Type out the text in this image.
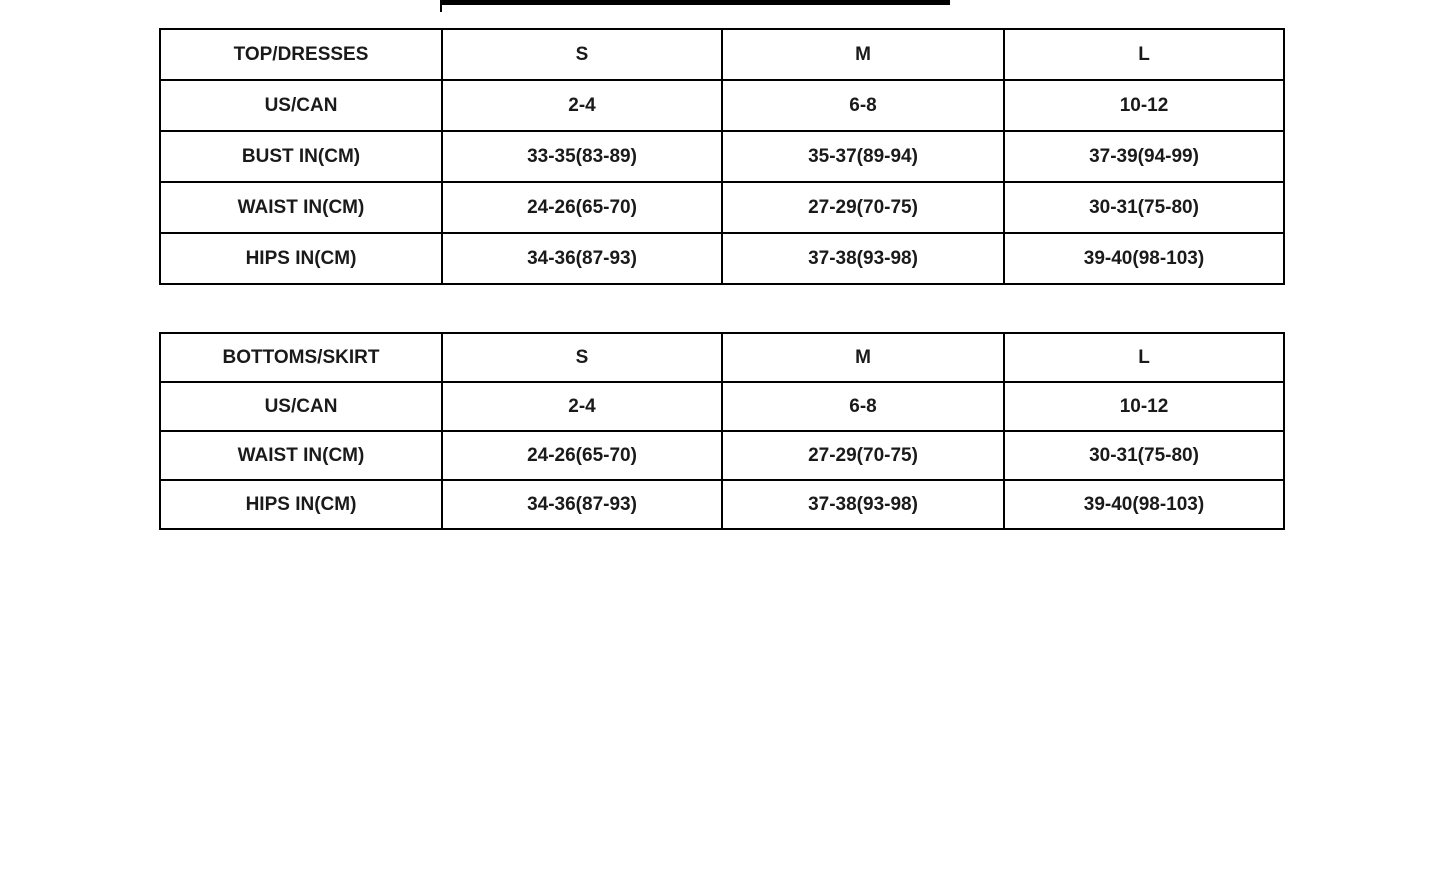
TOP/DRESSES	S	M	L
US/CAN	2-4	6-8	10-12
BUST IN(CM)	33-35(83-89)	35-37(89-94)	37-39(94-99)
WAIST IN(CM)	24-26(65-70)	27-29(70-75)	30-31(75-80)
HIPS IN(CM)	34-36(87-93)	37-38(93-98)	39-40(98-103)
BOTTOMS/SKIRT	S	M	L
US/CAN	2-4	6-8	10-12
WAIST IN(CM)	24-26(65-70)	27-29(70-75)	30-31(75-80)
HIPS IN(CM)	34-36(87-93)	37-38(93-98)	39-40(98-103)
